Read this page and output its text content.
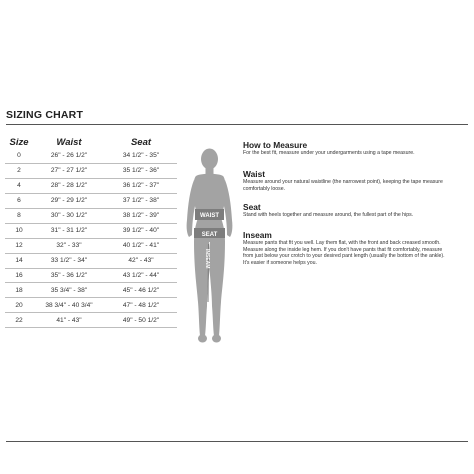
SIZING CHART
Size	Waist	Seat
0	26" - 26 1/2"	34 1/2" - 35"
2	27" - 27 1/2"	35 1/2" - 36"
4	28" - 28 1/2"	36 1/2" - 37"
6	29" - 29 1/2"	37 1/2" - 38"
8	30" - 30 1/2"	38 1/2" - 39"
10	31" - 31 1/2"	39 1/2" - 40"
12	32" - 33"	40 1/2" - 41"
14	33 1/2" - 34"	42" - 43"
16	35" - 36 1/2"	43 1/2" - 44"
18	35 3/4" - 38"	45" - 46 1/2"
20	38 3/4" - 40 3/4"	47" - 48 1/2"
22	41" - 43"	49" - 50 1/2"
WAIST
SEAT
INSEAM
How to Measure

For the best fit, measure under your undergarments using a tape measure.

Waist

Measure around your natural waistline (the narrowest point), keeping the tape measure comfortably loose.

Seat

Stand with heels together and measure around, the fullest part of the hips.

Inseam

Measure pants that fit you well. Lay them flat, with the front and back creased smooth. Measure along the inside leg hem. If you don't have pants that fit comfortably, measure from just below your crotch to your desired pant length (usually the bottom of the ankle). It's easier if someone helps you.
